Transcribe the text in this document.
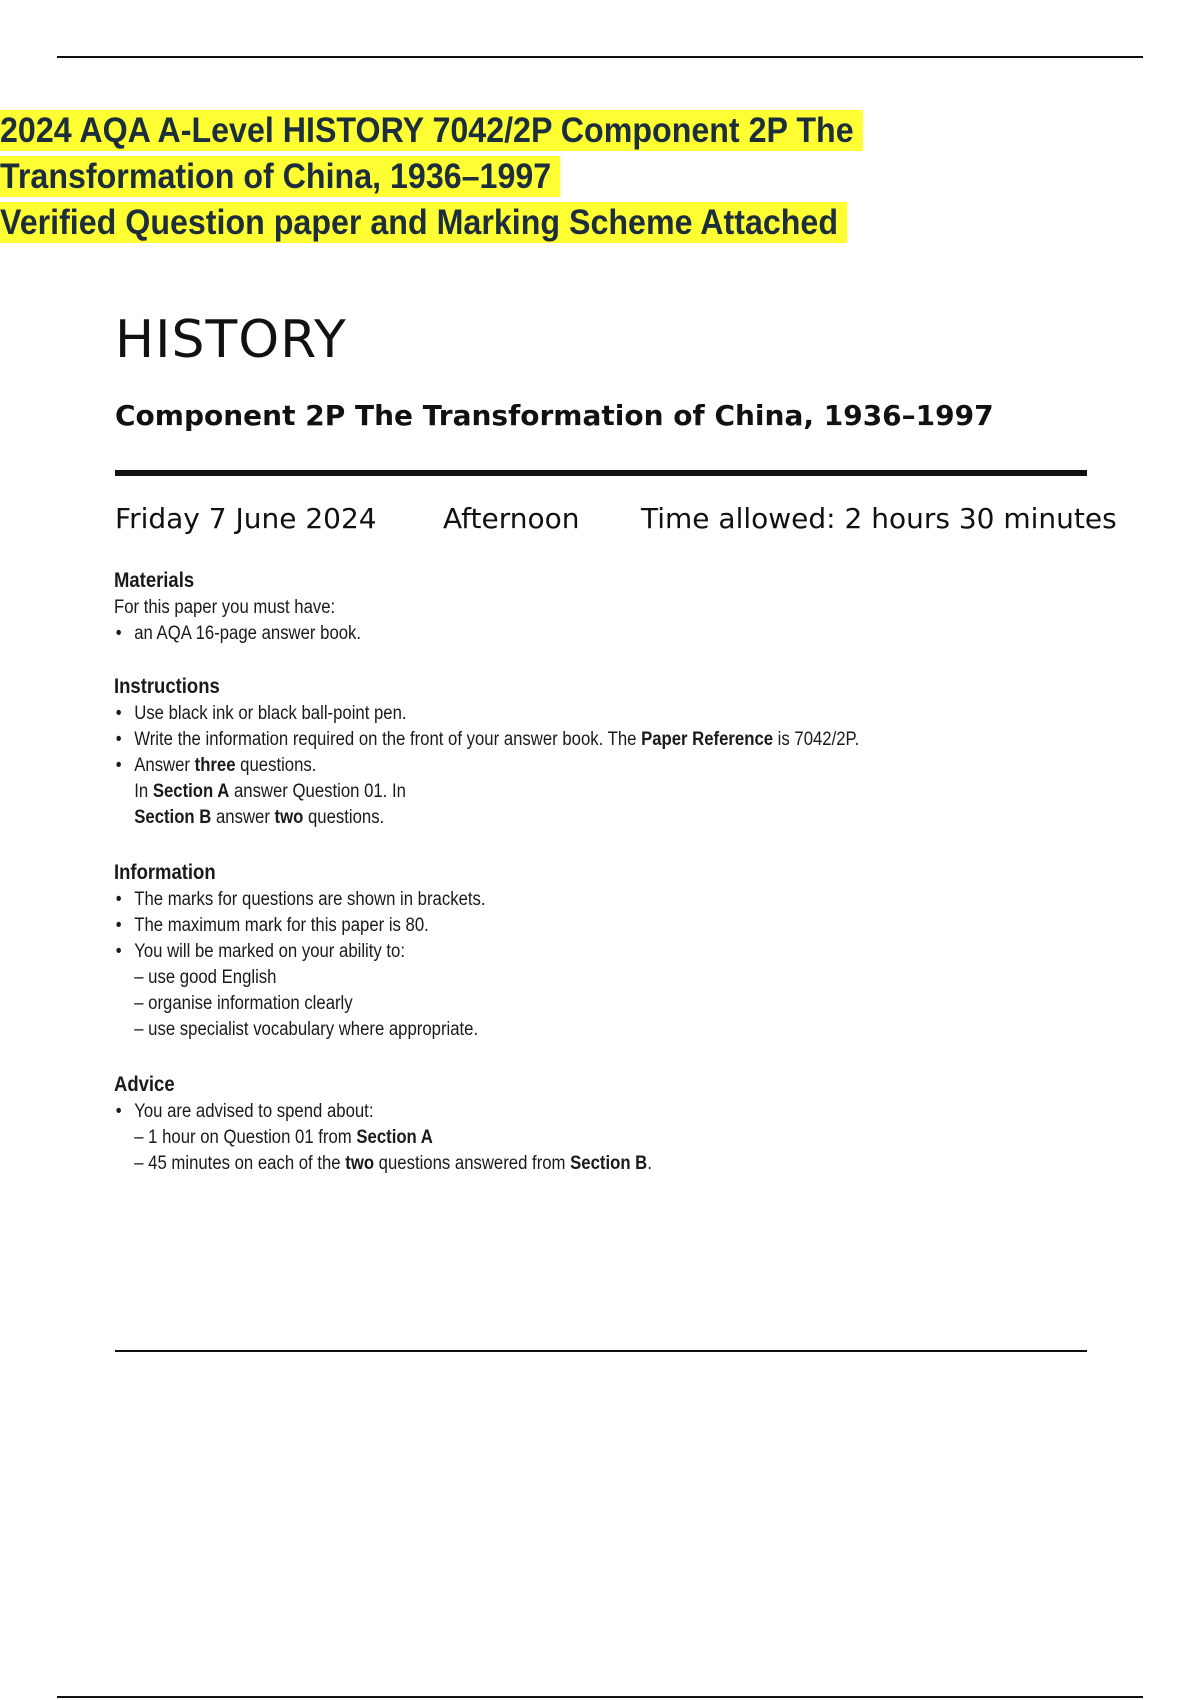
2024 AQA A-Level HISTORY 7042/2P Component 2P The

Transformation of China, 1936–1997

Verified Question paper and Marking Scheme Attached

HISTORY
Component 2P The Transformation of China, 1936–1997
Friday 7 June 2024 Afternoon Time allowed: 2 hours 30 minutes
Materials

For this paper you must have:

• an AQA 16-page answer book.
Instructions
• Use black ink or black ball-point pen.
• Write the information required on the front of your answer book. The Paper Reference is 7042/2P.
• Answer three questions.
In Section A answer Question 01. In
Section B answer two questions.
Information
• The marks for questions are shown in brackets.
• The maximum mark for this paper is 80.
• You will be marked on your ability to:
– use good English
– organise information clearly
– use specialist vocabulary where appropriate.
Advice
• You are advised to spend about:
– 1 hour on Question 01 from Section A
– 45 minutes on each of the two questions answered from Section B.
